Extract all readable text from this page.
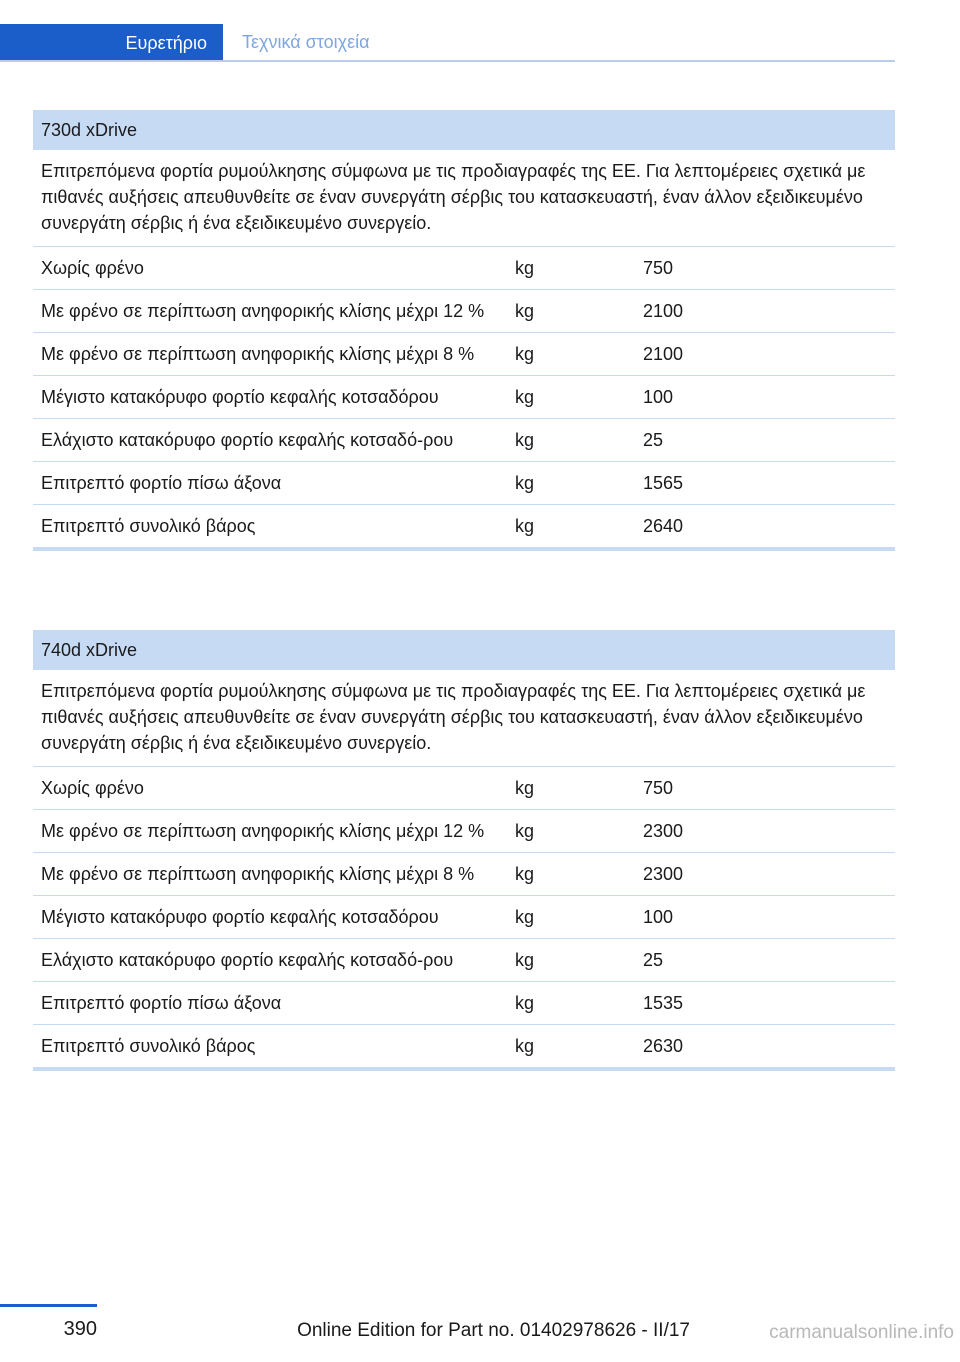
Ευρετήριο Τεχνικά στοιχεία
730d xDrive
Επιτρεπόμενα φορτία ρυμούλκησης σύμφωνα με τις προδιαγραφές της ΕΕ. Για λεπτομέρειες σχετικά με πιθανές αυξήσεις απευθυνθείτε σε έναν συνεργάτη σέρβις του κατασκευαστή, έναν άλλον εξειδικευμένο συνεργάτη σέρβις ή ένα εξειδικευμένο συνεργείο.
Χωρίς φρένο	kg	750
Με φρένο σε περίπτωση ανηφορικής κλίσης μέχρι 12 %	kg	2100
Με φρένο σε περίπτωση ανηφορικής κλίσης μέχρι 8 %	kg	2100
Μέγιστο κατακόρυφο φορτίο κεφαλής κοτσαδόρου	kg	100
Ελάχιστο κατακόρυφο φορτίο κεφαλής κοτσαδό-ρου	kg	25
Επιτρεπτό φορτίο πίσω άξονα	kg	1565
Επιτρεπτό συνολικό βάρος	kg	2640
740d xDrive
Επιτρεπόμενα φορτία ρυμούλκησης σύμφωνα με τις προδιαγραφές της ΕΕ. Για λεπτομέρειες σχετικά με πιθανές αυξήσεις απευθυνθείτε σε έναν συνεργάτη σέρβις του κατασκευαστή, έναν άλλον εξειδικευμένο συνεργάτη σέρβις ή ένα εξειδικευμένο συνεργείο.
Χωρίς φρένο	kg	750
Με φρένο σε περίπτωση ανηφορικής κλίσης μέχρι 12 %	kg	2300
Με φρένο σε περίπτωση ανηφορικής κλίσης μέχρι 8 %	kg	2300
Μέγιστο κατακόρυφο φορτίο κεφαλής κοτσαδόρου	kg	100
Ελάχιστο κατακόρυφο φορτίο κεφαλής κοτσαδό-ρου	kg	25
Επιτρεπτό φορτίο πίσω άξονα	kg	1535
Επιτρεπτό συνολικό βάρος	kg	2630
390	Online Edition for Part no. 01402978626 - II/17	carmanualsonline.info
